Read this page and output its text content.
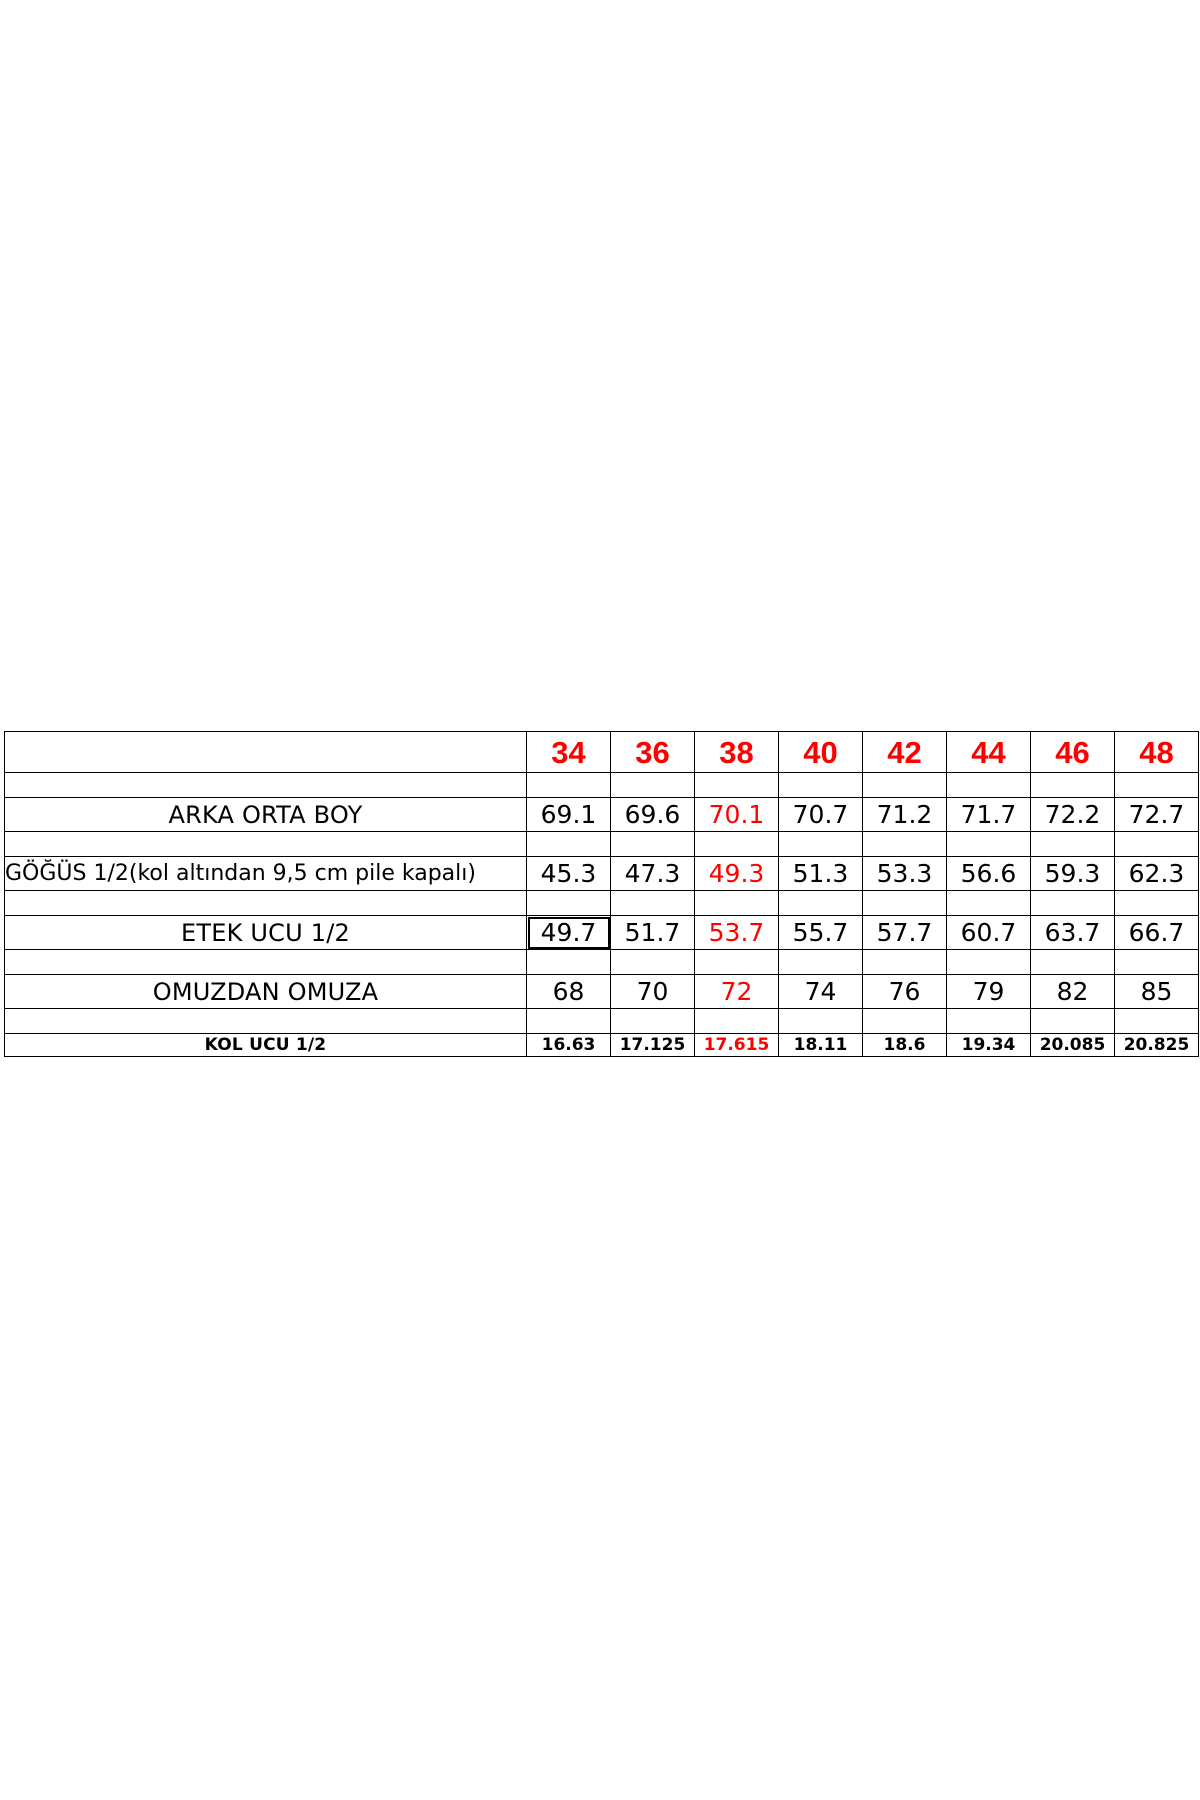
	34	36	38	40	42	44	46	48

ARKA ORTA BOY	69.1	69.6	70.1	70.7	71.2	71.7	72.2	72.7

GÖĞÜS 1/2(kol altından 9,5 cm pile kapalı)	45.3	47.3	49.3	51.3	53.3	56.6	59.3	62.3

ETEK UCU 1/2	49.7	51.7	53.7	55.7	57.7	60.7	63.7	66.7

OMUZDAN OMUZA	68	70	72	74	76	79	82	85

KOL UCU 1/2	16.63	17.125	17.615	18.11	18.6	19.34	20.085	20.825
